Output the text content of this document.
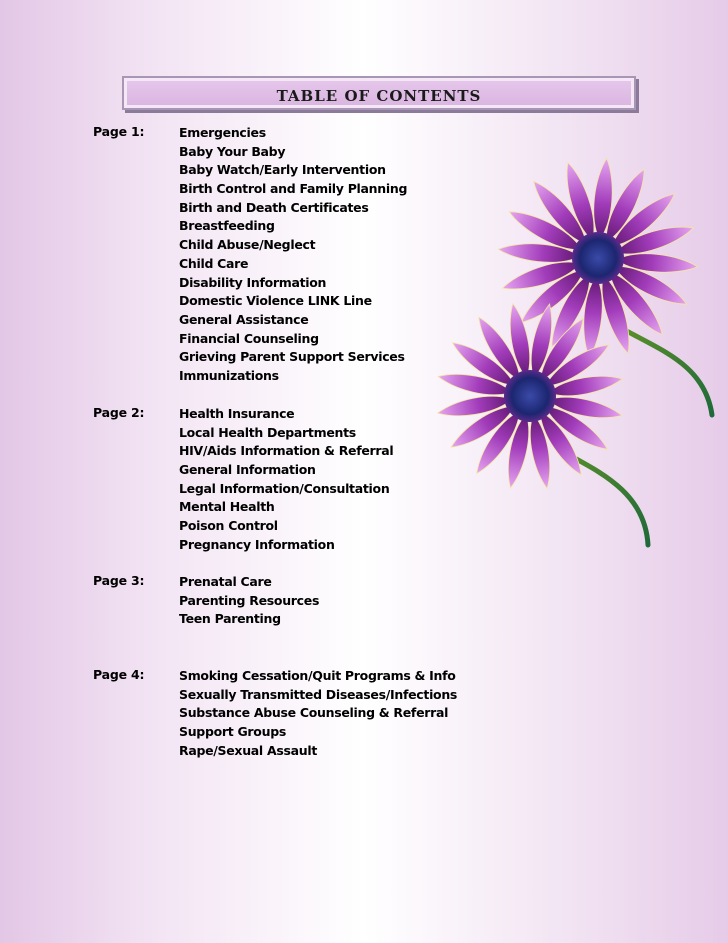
TABLE OF CONTENTS
Page 1:	Emergencies
Baby Your Baby
Baby Watch/Early Intervention
Birth Control and Family Planning
Birth and Death Certificates
Breastfeeding
Child Abuse/Neglect
Child Care
Disability Information
Domestic Violence LINK Line
General Assistance
Financial Counseling
Grieving Parent Support Services
Immunizations
Page 2:	Health Insurance
Local Health Departments
HIV/Aids Information & Referral
General Information
Legal Information/Consultation
Mental Health
Poison Control
Pregnancy Information
Page 3:	Prenatal Care
Parenting Resources
Teen Parenting
Page 4:	Smoking Cessation/Quit Programs & Info
Sexually Transmitted Diseases/Infections
Substance Abuse Counseling & Referral
Support Groups
Rape/Sexual Assault
